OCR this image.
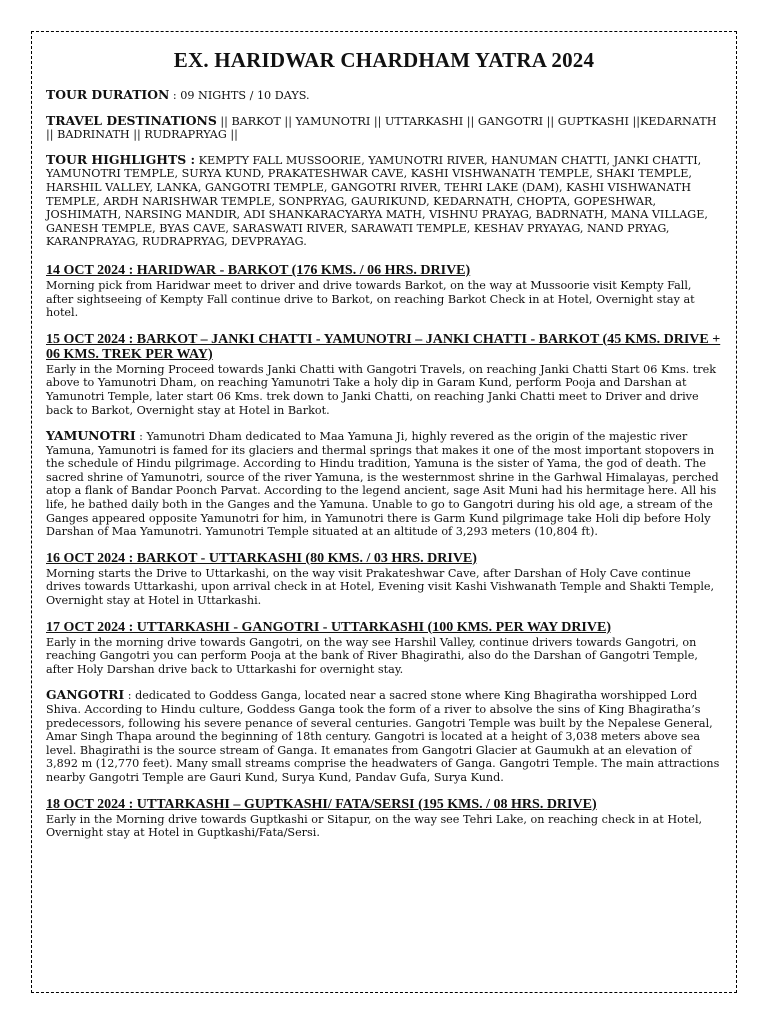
EX. HARIDWAR CHARDHAM YATRA 2024
TOUR DURATION : 09 NIGHTS / 10 DAYS.
TRAVEL DESTINATIONS || BARKOT || YAMUNOTRI || UTTARKASHI || GANGOTRI || GUPTKASHI ||KEDARNATH || BADRINATH || RUDRAPRYAG ||
TOUR HIGHLIGHTS : KEMPTY FALL MUSSOORIE, YAMUNOTRI RIVER, HANUMAN CHATTI, JANKI CHATTI, YAMUNOTRI TEMPLE, SURYA KUND, PRAKATESHWAR CAVE, KASHI VISHWANATH TEMPLE, SHAKI TEMPLE, HARSHIL VALLEY, LANKA, GANGOTRI TEMPLE, GANGOTRI RIVER, TEHRI LAKE (DAM), KASHI VISHWANATH TEMPLE, ARDH NARISHWAR TEMPLE, SONPRYAG, GAURIKUND, KEDARNATH, CHOPTA, GOPESHWAR, JOSHIMATH, NARSING MANDIR, ADI SHANKARACYARYA MATH, VISHNU PRAYAG, BADRNATH, MANA VILLAGE, GANESH TEMPLE, BYAS CAVE, SARASWATI RIVER, SARAWATI TEMPLE, KESHAV PRYAYAG, NAND PRYAG, KARANPRAYAG, RUDRAPRYAG, DEVPRAYAG.
14 OCT 2024 : HARIDWAR - BARKOT (176 KMS. / 06 HRS. DRIVE)

Morning pick from Haridwar meet to driver and drive towards Barkot, on the way at Mussoorie visit Kempty Fall, after sightseeing of Kempty Fall continue drive to Barkot, on reaching Barkot Check in at Hotel, Overnight stay at hotel.

15 OCT 2024 : BARKOT – JANKI CHATTI - YAMUNOTRI – JANKI CHATTI - BARKOT (45 KMS. DRIVE + 06 KMS. TREK PER WAY)

Early in the Morning Proceed towards Janki Chatti with Gangotri Travels, on reaching Janki Chatti Start 06 Kms. trek above to Yamunotri Dham, on reaching Yamunotri Take a holy dip in Garam Kund, perform Pooja and Darshan at Yamunotri Temple, later start 06 Kms. trek down to Janki Chatti, on reaching Janki Chatti meet to Driver and drive back to Barkot, Overnight stay at Hotel in Barkot.

YAMUNOTRI : Yamunotri Dham dedicated to Maa Yamuna Ji, highly revered as the origin of the majestic river Yamuna, Yamunotri is famed for its glaciers and thermal springs that makes it one of the most important stopovers in the schedule of Hindu pilgrimage. According to Hindu tradition, Yamuna is the sister of Yama, the god of death. The sacred shrine of Yamunotri, source of the river Yamuna, is the westernmost shrine in the Garhwal Himalayas, perched atop a flank of Bandar Poonch Parvat. According to the legend ancient, sage Asit Muni had his hermitage here. All his life, he bathed daily both in the Ganges and the Yamuna. Unable to go to Gangotri during his old age, a stream of the Ganges appeared opposite Yamunotri for him, in Yamunotri there is Garm Kund pilgrimage take Holi dip before Holy Darshan of Maa Yamunotri. Yamunotri Temple situated at an altitude of 3,293 meters (10,804 ft).

16 OCT 2024 : BARKOT - UTTARKASHI (80 KMS. / 03 HRS. DRIVE)

Morning starts the Drive to Uttarkashi, on the way visit Prakateshwar Cave, after Darshan of Holy Cave continue drives towards Uttarkashi, upon arrival check in at Hotel, Evening visit Kashi Vishwanath Temple and Shakti Temple, Overnight stay at Hotel in Uttarkashi.

17 OCT 2024 : UTTARKASHI - GANGOTRI - UTTARKASHI (100 KMS. PER WAY DRIVE)

Early in the morning drive towards Gangotri, on the way see Harshil Valley, continue drivers towards Gangotri, on reaching Gangotri you can perform Pooja at the bank of River Bhagirathi, also do the Darshan of Gangotri Temple, after Holy Darshan drive back to Uttarkashi for overnight stay.

GANGOTRI : dedicated to Goddess Ganga, located near a sacred stone where King Bhagiratha worshipped Lord Shiva. According to Hindu culture, Goddess Ganga took the form of a river to absolve the sins of King Bhagiratha’s predecessors, following his severe penance of several centuries. Gangotri Temple was built by the Nepalese General, Amar Singh Thapa around the beginning of 18th century. Gangotri is located at a height of 3,038 meters above sea level. Bhagirathi is the source stream of Ganga. It emanates from Gangotri Glacier at Gaumukh at an elevation of 3,892 m (12,770 feet). Many small streams comprise the headwaters of Ganga. Gangotri Temple. The main attractions nearby Gangotri Temple are Gauri Kund, Surya Kund, Pandav Gufa, Surya Kund.

18 OCT 2024 : UTTARKASHI – GUPTKASHI/ FATA/SERSI (195 KMS. / 08 HRS. DRIVE)

Early in the Morning drive towards Guptkashi or Sitapur, on the way see Tehri Lake, on reaching check in at Hotel, Overnight stay at Hotel in Guptkashi/Fata/Sersi.
